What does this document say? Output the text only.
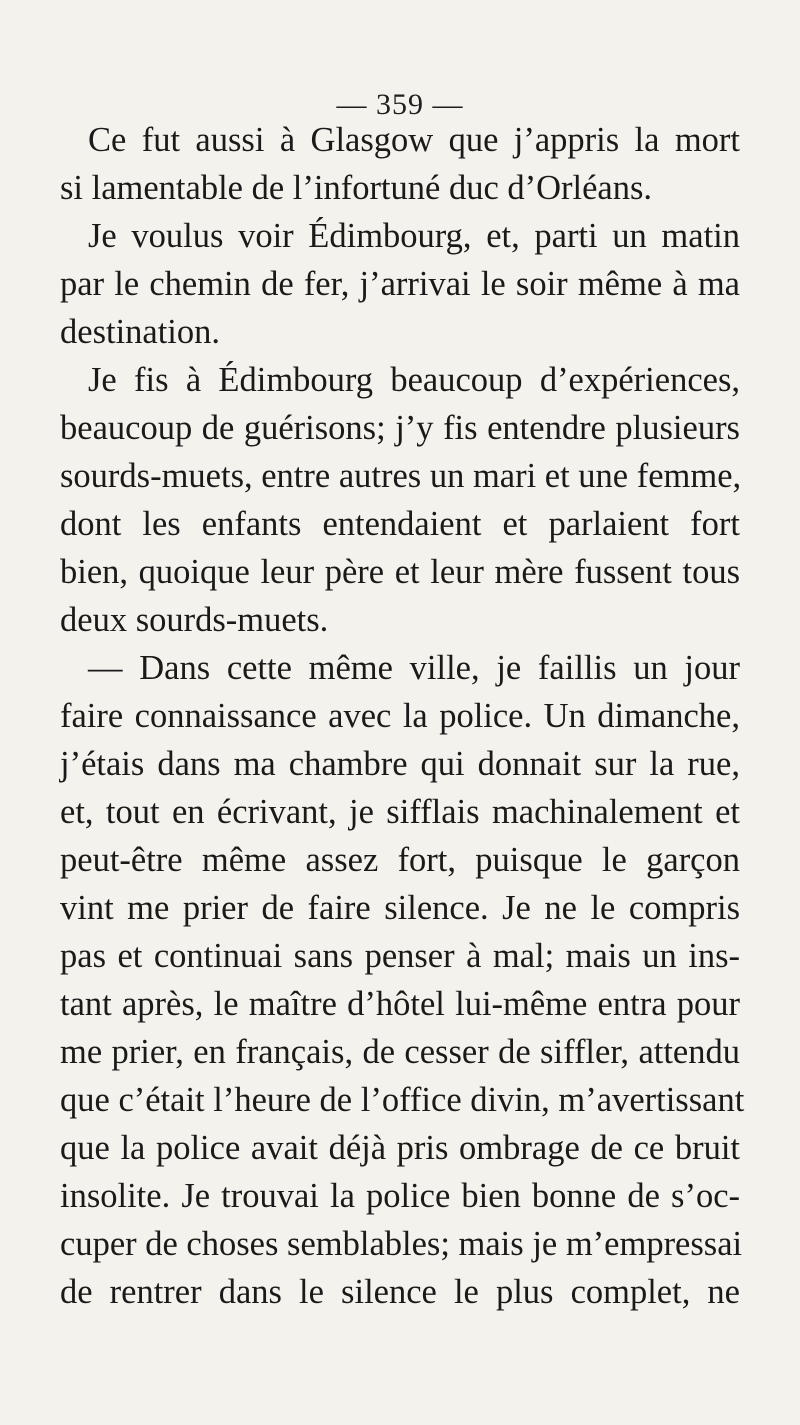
— 359 —
Ce fut aussi à Glasgow que j’appris la mort
si lamentable de l’infortuné duc d’Orléans.
Je voulus voir Édimbourg, et, parti un matin
par le chemin de fer, j’arrivai le soir même à ma
destination.
Je fis à Édimbourg beaucoup d’expériences,
beaucoup de guérisons; j’y fis entendre plusieurs
sourds-muets, entre autres un mari et une femme,
dont les enfants entendaient et parlaient fort
bien, quoique leur père et leur mère fussent tous
deux sourds-muets.
— Dans cette même ville, je faillis un jour
faire connaissance avec la police. Un dimanche,
j’étais dans ma chambre qui donnait sur la rue,
et, tout en écrivant, je sifflais machinalement et
peut-être même assez fort, puisque le garçon
vint me prier de faire silence. Je ne le compris
pas et continuai sans penser à mal; mais un ins-
tant après, le maître d’hôtel lui-même entra pour
me prier, en français, de cesser de siffler, attendu
que c’était l’heure de l’office divin, m’avertissant
que la police avait déjà pris ombrage de ce bruit
insolite. Je trouvai la police bien bonne de s’oc-
cuper de choses semblables; mais je m’empressai
de rentrer dans le silence le plus complet, ne
